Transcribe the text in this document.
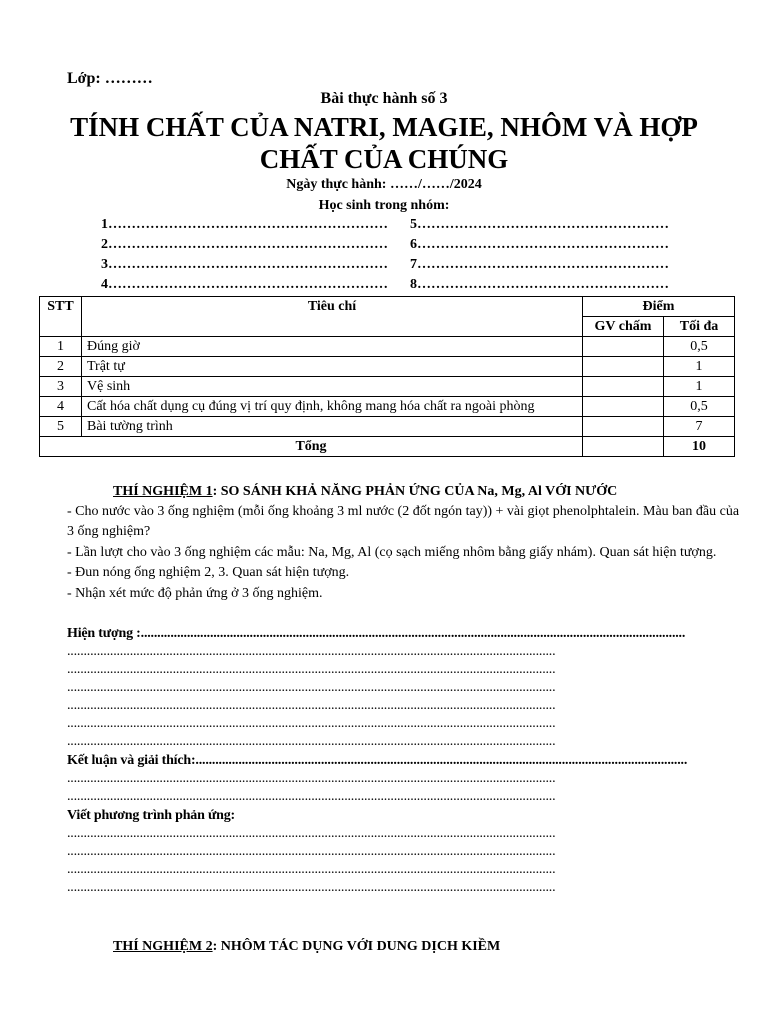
Lớp: ………
Bài thực hành số 3
TÍNH CHẤT CỦA NATRI, MAGIE, NHÔM VÀ HỢP
CHẤT CỦA CHÚNG
Ngày thực hành: ……/……/2024
Học sinh trong nhóm:
1…………………………………………………… 5………………………………………………
2…………………………………………………… 6………………………………………………
3…………………………………………………… 7………………………………………………
4…………………………………………………… 8………………………………………………
STT	Tiêu chí	Điểm	
		GV chấm	Tối đa
1	Đúng giờ		0,5
2	Trật tự		1
3	Vệ sinh		1
4	Cất hóa chất dụng cụ đúng vị trí quy định, không mang hóa chất ra ngoài phòng		0,5
5	Bài tường trình		7
Tổng			10
THÍ NGHIỆM 1: SO SÁNH KHẢ NĂNG PHẢN ỨNG CỦA Na, Mg, Al VỚI NƯỚC
- Cho nước vào 3 ống nghiệm (mỗi ống khoảng 3 ml nước (2 đốt ngón tay)) + vài giọt phenolphtalein. Màu ban đầu của 3 ống nghiệm?
- Lần lượt cho vào 3 ống nghiệm các mẫu: Na, Mg, Al (cọ sạch miếng nhôm bằng giấy nhám). Quan sát hiện tượng.
- Đun nóng ống nghiệm 2, 3. Quan sát hiện tượng.
- Nhận xét mức độ phản ứng ở 3 ống nghiệm.
Hiện tượng :.....................................................................................................................................................................
....................................................................................................................................................
....................................................................................................................................................
....................................................................................................................................................
....................................................................................................................................................
....................................................................................................................................................
....................................................................................................................................................
Kết luận và giải thích:.....................................................................................................................................................
....................................................................................................................................................
....................................................................................................................................................
Viết phương trình phản ứng:
....................................................................................................................................................
....................................................................................................................................................
....................................................................................................................................................
....................................................................................................................................................
THÍ NGHIỆM 2: NHÔM TÁC DỤNG VỚI DUNG DỊCH KIỀM
